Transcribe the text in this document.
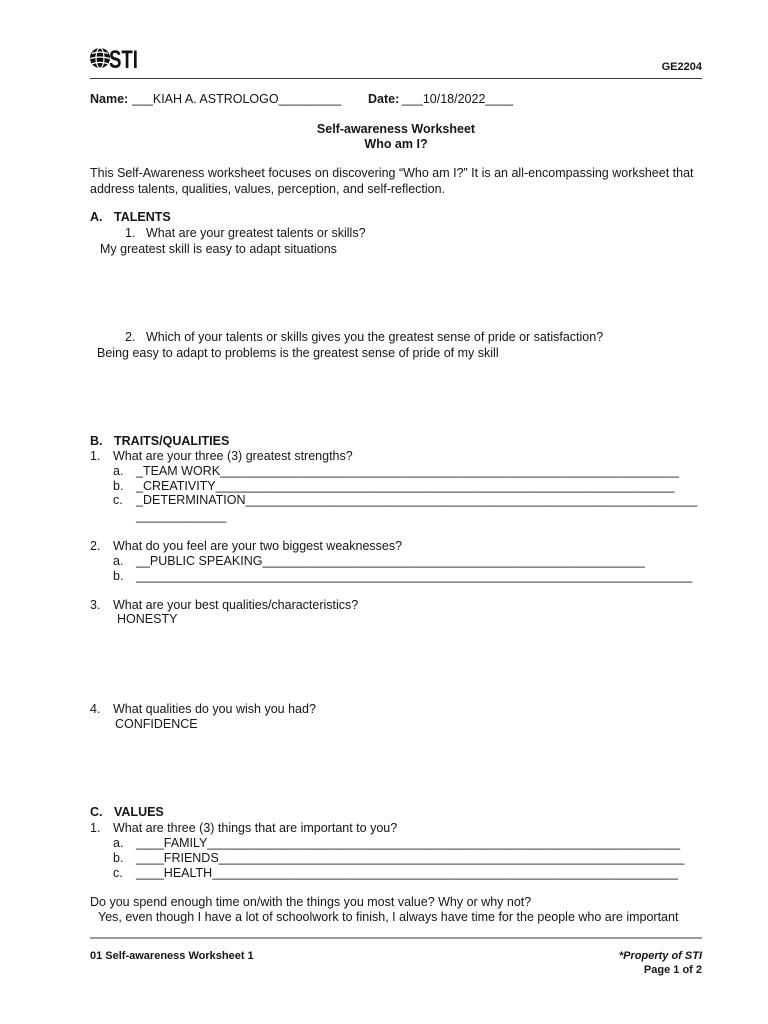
STI	GE2204
Name: ___KIAH A. ASTROLOGO_________ Date: ___10/18/2022____
Self-awareness Worksheet
Who am I?
This Self-Awareness worksheet focuses on discovering “Who am I?” It is an all-encompassing worksheet that
address talents, qualities, values, perception, and self-reflection.
A. TALENTS
1. What are your greatest talents or skills?
My greatest skill is easy to adapt situations
2. Which of your talents or skills gives you the greatest sense of pride or satisfaction?
Being easy to adapt to problems is the greatest sense of pride of my skill
B. TRAITS/QUALITIES
1. What are your three (3) greatest strengths?
a. _TEAM WORK__________________________________________________________________
b. _CREATIVITY__________________________________________________________________
c. _DETERMINATION_________________________________________________________________
_____________
2. What do you feel are your two biggest weaknesses?
a. __PUBLIC SPEAKING_______________________________________________________
b. ________________________________________________________________________________
3. What are your best qualities/characteristics?
HONESTY
4. What qualities do you wish you had?
CONFIDENCE
C. VALUES
1. What are three (3) things that are important to you?
a. ____FAMILY____________________________________________________________________
b. ____FRIENDS___________________________________________________________________
c. ____HEALTH___________________________________________________________________
Do you spend enough time on/with the things you most value? Why or why not?
Yes, even though I have a lot of schoolwork to finish, I always have time for the people who are important
01 Self-awareness Worksheet 1	*Property of STI
Page 1 of 2
